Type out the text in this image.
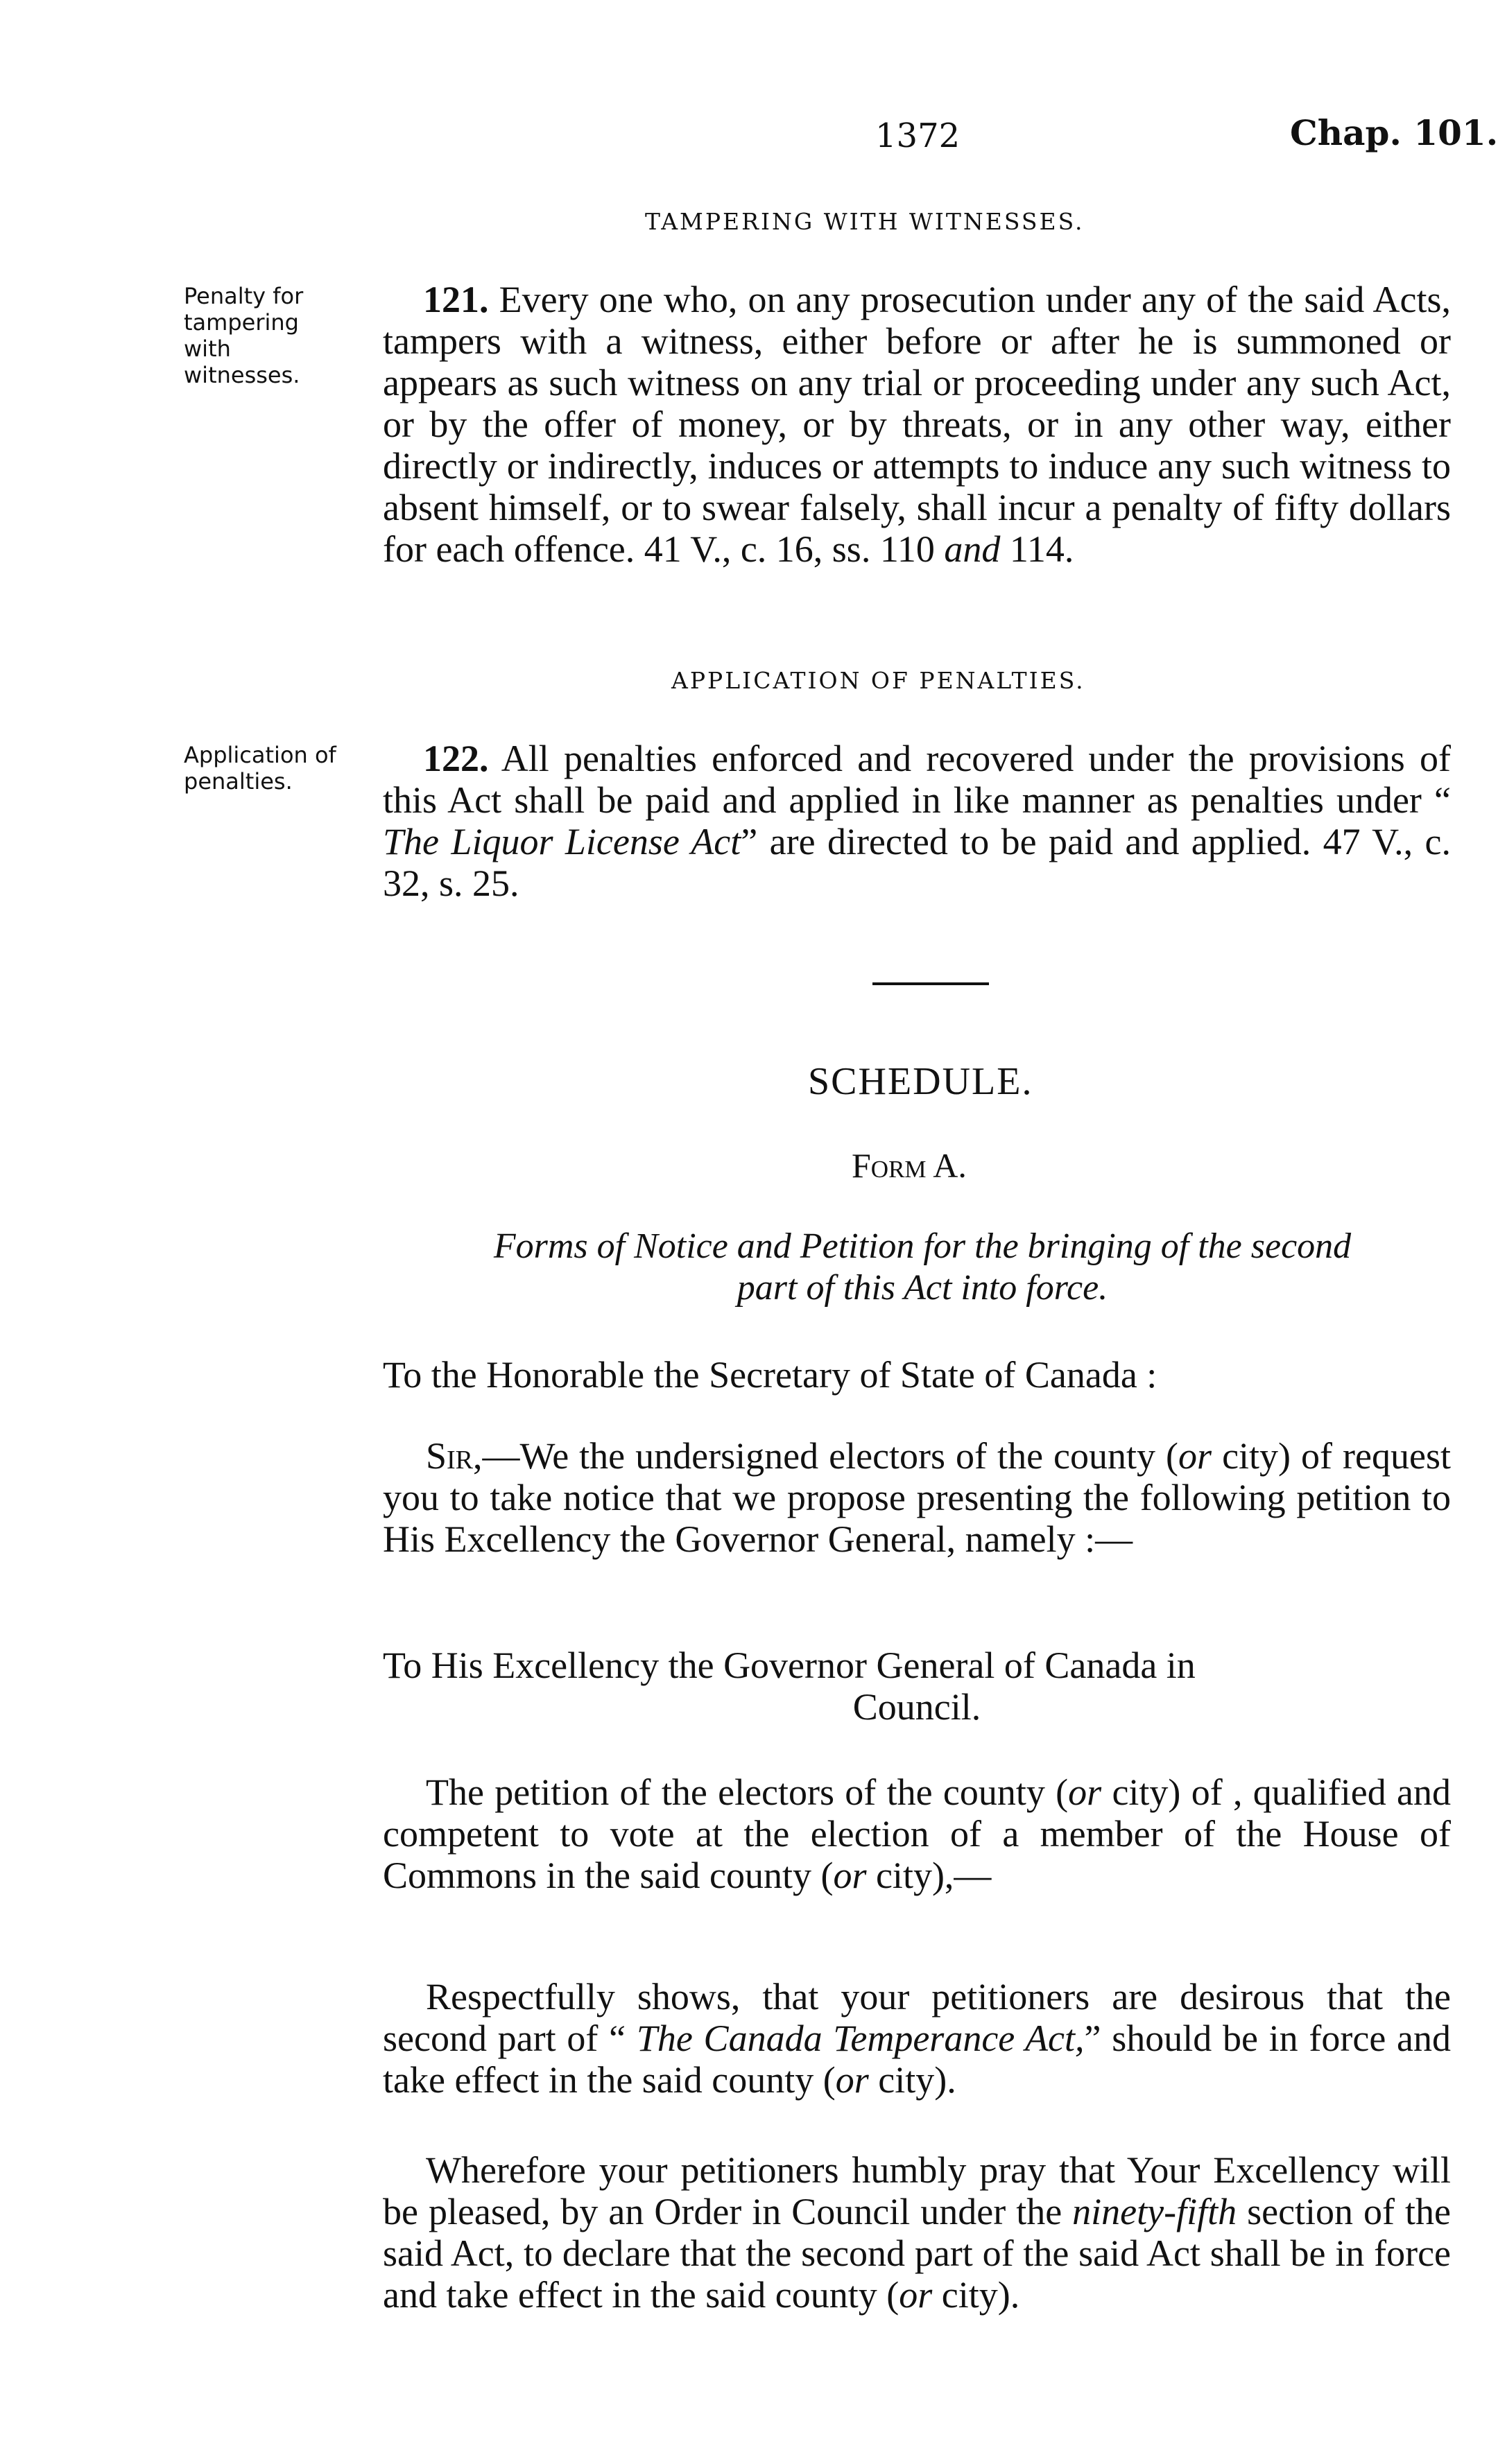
1372	Chap. 101.
TAMPERING WITH WITNESSES.
Penalty for tampering with witnesses.
121. Every one who, on any prosecution under any of the said Acts, tampers with a witness, either before or after he is summoned or appears as such witness on any trial or proceeding under any such Act, or by the offer of money, or by threats, or in any other way, either directly or indirectly, induces or attempts to induce any such witness to absent himself, or to swear falsely, shall incur a penalty of fifty dollars for each offence. 41 V., c. 16, ss. 110 and 114.
APPLICATION OF PENALTIES.
Application of penalties.
122. All penalties enforced and recovered under the provisions of this Act shall be paid and applied in like manner as penalties under “ The Liquor License Act” are directed to be paid and applied. 47 V., c. 32, s. 25.
SCHEDULE.
Form A.
Forms of Notice and Petition for the bringing of the second
part of this Act into force.
To the Honorable the Secretary of State of Canada :
Sir,—We the undersigned electors of the county (or city) of request you to take notice that we propose presenting the following petition to His Excellency the Governor General, namely :—
To His Excellency the Governor General of Canada in
Council.
The petition of the electors of the county (or city) of , qualified and competent to vote at the election of a member of the House of Commons in the said county (or city),—
Respectfully shows, that your petitioners are desirous that the second part of “ The Canada Temperance Act,” should be in force and take effect in the said county (or city).
Wherefore your petitioners humbly pray that Your Excellency will be pleased, by an Order in Council under the ninety-fifth section of the said Act, to declare that the second part of the said Act shall be in force and take effect in the said county (or city).
